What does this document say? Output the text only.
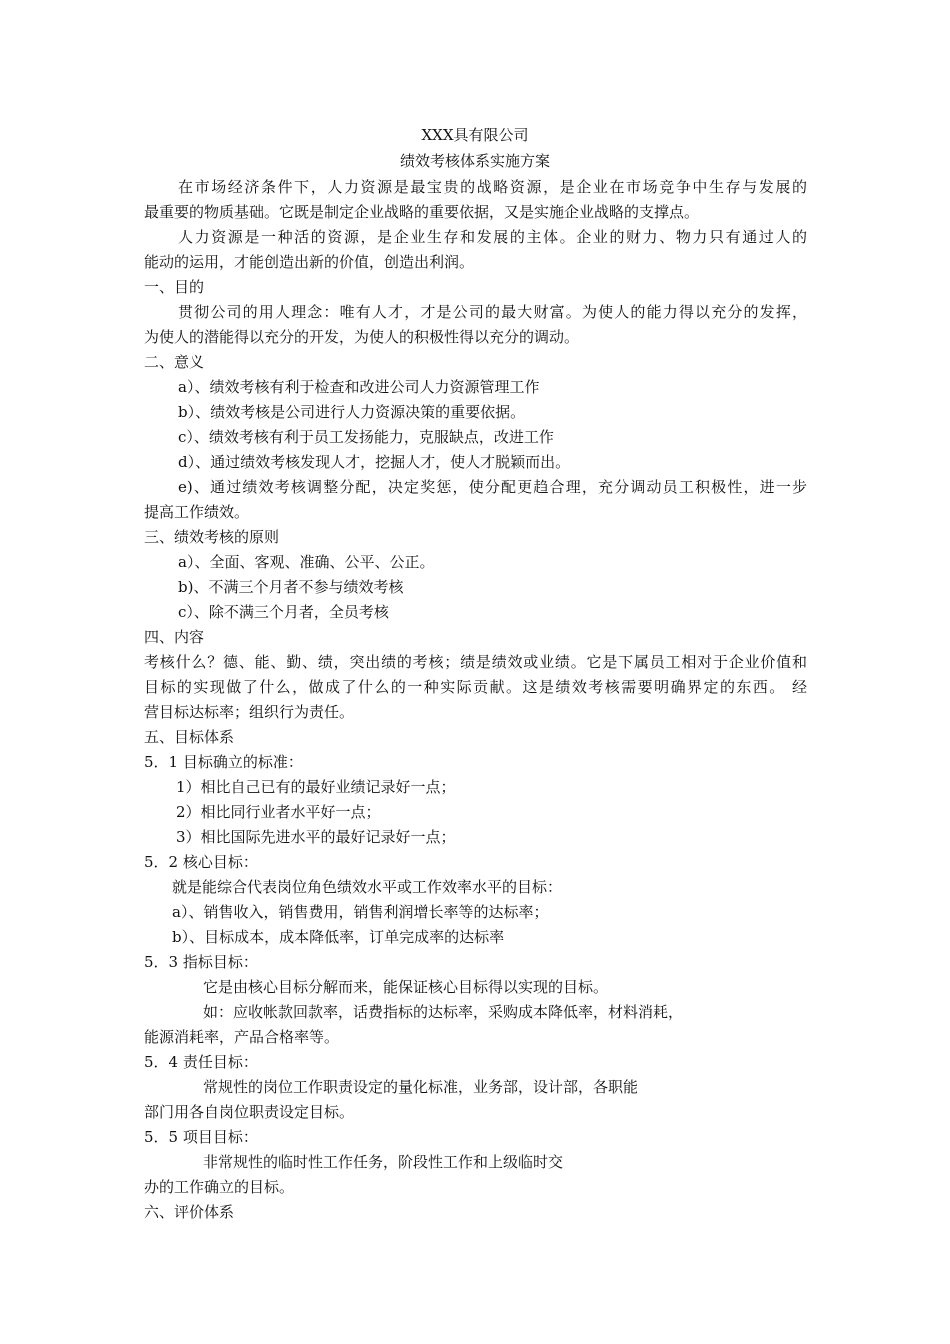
XXX具有限公司
绩效考核体系实施方案
在市场经济条件下，人力资源是最宝贵的战略资源，是企业在市场竞争中生存与发展的
最重要的物质基础。它既是制定企业战略的重要依据，又是实施企业战略的支撑点。
人力资源是一种活的资源，是企业生存和发展的主体。企业的财力、物力只有通过人的
能动的运用，才能创造出新的价值，创造出利润。
一、目的
贯彻公司的用人理念：唯有人才，才是公司的最大财富。为使人的能力得以充分的发挥，
为使人的潜能得以充分的开发，为使人的积极性得以充分的调动。
二、意义
a）、绩效考核有利于检查和改进公司人力资源管理工作
b）、绩效考核是公司进行人力资源决策的重要依据。
c）、绩效考核有利于员工发扬能力，克服缺点，改进工作
d）、通过绩效考核发现人才，挖掘人才，使人才脱颖而出。
e)、通过绩效考核调整分配，决定奖惩，使分配更趋合理，充分调动员工积极性，进一步
提高工作绩效。
三、绩效考核的原则
a）、全面、客观、准确、公平、公正。
b)、不满三个月者不参与绩效考核
c）、除不满三个月者，全员考核
四、内容
考核什么？德、能、勤、绩，突出绩的考核；绩是绩效或业绩。它是下属员工相对于企业价值和
目标的实现做了什么，做成了什么的一种实际贡献。这是绩效考核需要明确界定的东西。 经
营目标达标率；组织行为责任。
五、目标体系
5．1 目标确立的标准：
1）相比自己已有的最好业绩记录好一点；
2）相比同行业者水平好一点；
3）相比国际先进水平的最好记录好一点；
5．2 核心目标：
就是能综合代表岗位角色绩效水平或工作效率水平的目标：
a）、销售收入，销售费用，销售利润增长率等的达标率；
b）、目标成本，成本降低率，订单完成率的达标率
5．3 指标目标：
它是由核心目标分解而来，能保证核心目标得以实现的目标。
如：应收帐款回款率，话费指标的达标率，采购成本降低率，材料消耗，
能源消耗率，产品合格率等。
5．4 责任目标：
常规性的岗位工作职责设定的量化标准，业务部，设计部，各职能
部门用各自岗位职责设定目标。
5．5 项目目标：
非常规性的临时性工作任务，阶段性工作和上级临时交
办的工作确立的目标。
六、评价体系
